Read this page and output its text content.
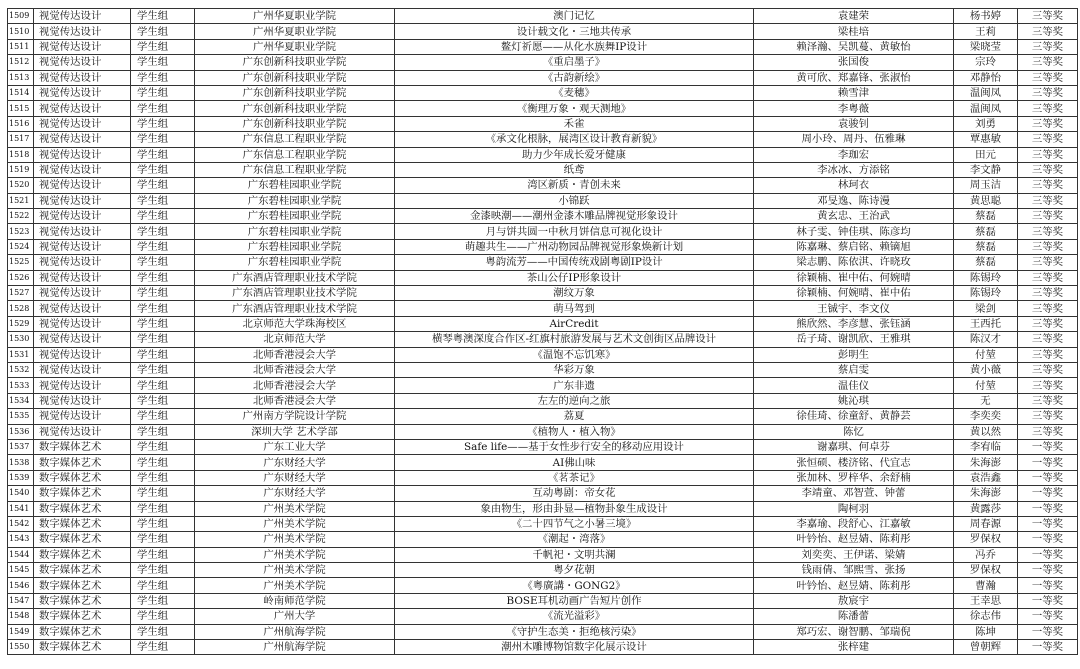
1509	视觉传达设计	学生组	广州华夏职业学院	澳门记忆	袁建荣	杨书婷	三等奖
1510	视觉传达设计	学生组	广州华夏职业学院	设计载文化・三地共传承	梁桂培	王莉	三等奖
1511	视觉传达设计	学生组	广州华夏职业学院	鳌灯祈愿——从化水族舞IP设计	赖泽瀚、吴凯蔓、黄敏怡	梁晓莹	三等奖
1512	视觉传达设计	学生组	广东创新科技职业学院	《重启墨子》	张国俊	宗玲	三等奖
1513	视觉传达设计	学生组	广东创新科技职业学院	《古韵新绘》	黄可欣、郑嘉锋、张淑怡	邓静怡	三等奖
1514	视觉传达设计	学生组	广东创新科技职业学院	《麦穗》	赖雪津	温闽凤	三等奖
1515	视觉传达设计	学生组	广东创新科技职业学院	《衡理万象・观天测地》	李粤薇	温闽凤	三等奖
1516	视觉传达设计	学生组	广东创新科技职业学院	禾雀	袁骏钊	刘勇	三等奖
1517	视觉传达设计	学生组	广东信息工程职业学院	《承文化根脉，展湾区设计教育新貌》	周小玲、周丹、伍雅琳	覃惠敏	三等奖
1518	视觉传达设计	学生组	广东信息工程职业学院	助力少年成长爱牙健康	李珈宏	田元	三等奖
1519	视觉传达设计	学生组	广东信息工程职业学院	纸鸢	李冰冰、方添铭	李文静	三等奖
1520	视觉传达设计	学生组	广东碧桂园职业学院	湾区新质・青创未来	林珂衣	周玉洁	三等奖
1521	视觉传达设计	学生组	广东碧桂园职业学院	小锦跃	邓旻逸、陈诗漫	黄思聪	三等奖
1522	视觉传达设计	学生组	广东碧桂园职业学院	金漆映潮——潮州金漆木雕品牌视觉形象设计	黄玄忠、王治武	蔡磊	三等奖
1523	视觉传达设计	学生组	广东碧桂园职业学院	月与饼共圆一中秋月饼信息可视化设计	林子雯、钟佳琪、陈彦均	蔡磊	三等奖
1524	视觉传达设计	学生组	广东碧桂园职业学院	萌趣共生——广州动物园品牌视觉形象焕新计划	陈嘉琳、蔡启铭、赖镝旭	蔡磊	三等奖
1525	视觉传达设计	学生组	广东碧桂园职业学院	粤韵流芳——中国传统戏剧粤剧IP设计	梁志鹏、陈依淇、许晓玫	蔡磊	三等奖
1526	视觉传达设计	学生组	广东酒店管理职业技术学院	茶山公仔IP形象设计	徐颖楠、崔中佑、何婉晴	陈锡玲	三等奖
1527	视觉传达设计	学生组	广东酒店管理职业技术学院	潮纹万象	徐颖楠、何婉晴、崔中佑	陈锡玲	三等奖
1528	视觉传达设计	学生组	广东酒店管理职业技术学院	萌马驾到	王铖宇、李文仪	梁剑	三等奖
1529	视觉传达设计	学生组	北京师范大学珠海校区	AirCredit	熊欣然、李彦慧、张钰涵	王西托	三等奖
1530	视觉传达设计	学生组	北京师范大学	横琴粤澳深度合作区-红旗村旅游发展与艺术文创街区品牌设计	岳子琦、谢凯欣、王雅琪	陈汉才	三等奖
1531	视觉传达设计	学生组	北师香港浸会大学	《温饱不忘饥寒》	彭明生	付堃	三等奖
1532	视觉传达设计	学生组	北师香港浸会大学	华彩万象	蔡启雯	黄小薇	三等奖
1533	视觉传达设计	学生组	北师香港浸会大学	广东非遗	温佳仪	付堃	三等奖
1534	视觉传达设计	学生组	北师香港浸会大学	左左的逆向之旅	姚沁琪	无	三等奖
1535	视觉传达设计	学生组	广州南方学院设计学院	荔夏	徐佳琦、徐童舒、黄静芸	李奕奕	三等奖
1536	视觉传达设计	学生组	深圳大学 艺术学部	《植物人・植入物》	陈忆	黄以然	三等奖
1537	数字媒体艺术	学生组	广东工业大学	Safe life——基于女性步行安全的移动应用设计	谢嘉琪、何卓芬	李宥临	一等奖
1538	数字媒体艺术	学生组	广东财经大学	AI佛山味	张恒硕、楼济铭、代宜志	朱海澎	一等奖
1539	数字媒体艺术	学生组	广东财经大学	《茗茶记》	张加林、罗梓华、余舒楠	袁浩鑫	一等奖
1540	数字媒体艺术	学生组	广东财经大学	互动粤剧：帝女花	李靖童、邓智萱、钟蕾	朱海澎	一等奖
1541	数字媒体艺术	学生组	广州美术学院	象由物生，形由卦显—植物卦象生成设计	陶柯羽	黄露莎	一等奖
1542	数字媒体艺术	学生组	广州美术学院	《二十四节气之小暑三境》	李嘉瑜、段舒心、江嘉敏	周春源	一等奖
1543	数字媒体艺术	学生组	广州美术学院	《潮起・湾落》	叶钤怡、赵昱婧、陈莉彤	罗保权	一等奖
1544	数字媒体艺术	学生组	广州美术学院	千帆祀・文明共澜	刘奕奕、王伊诺、梁婧	冯乔	一等奖
1545	数字媒体艺术	学生组	广州美术学院	粤夕花朝	钱雨倩、邹熙雪、张扬	罗保权	一等奖
1546	数字媒体艺术	学生组	广州美术学院	《粤廣講・GONG2》	叶钤怡、赵昱婧、陈莉彤	曹瀚	一等奖
1547	数字媒体艺术	学生组	岭南师范学院	BOSE耳机动画广告短片创作	敖宸宇	王幸思	一等奖
1548	数字媒体艺术	学生组	广州大学	《流光溢彩》	陈潘蕾	徐志伟	一等奖
1549	数字媒体艺术	学生组	广州航海学院	《守护生态美・拒绝核污染》	郑巧宏、谢智鹏、邹瑞倪	陈坤	一等奖
1550	数字媒体艺术	学生组	广州航海学院	潮州木雕博物馆数字化展示设计	张梓建	曾朝辉	一等奖
